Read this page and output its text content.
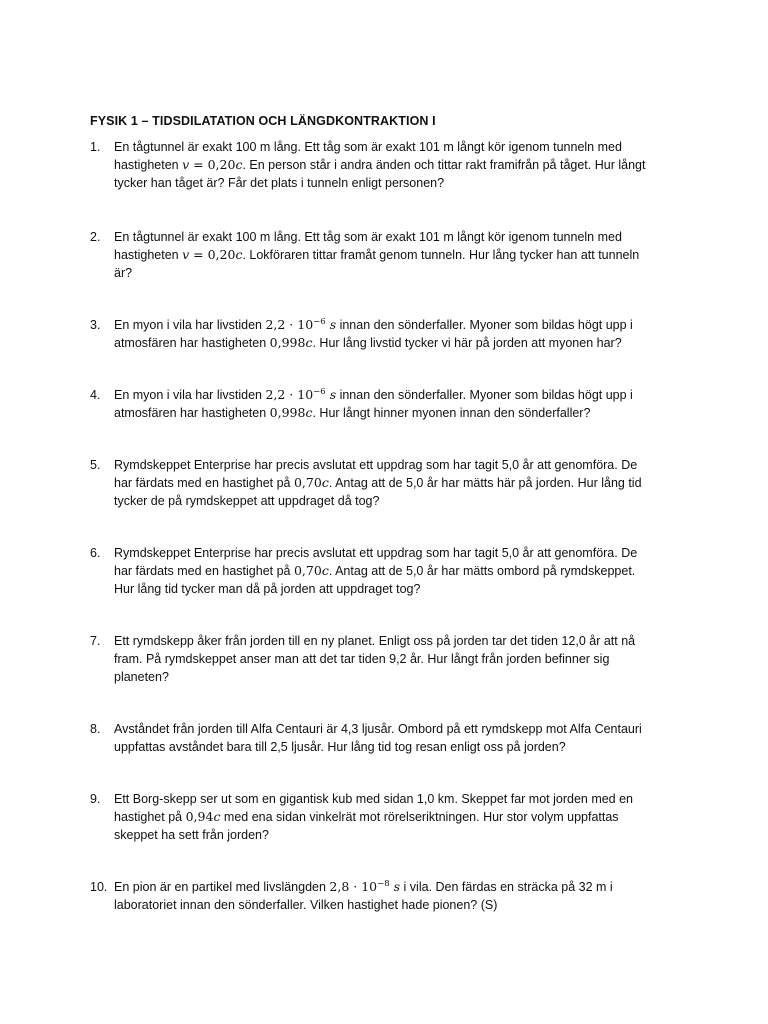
FYSIK 1 – TIDSDILATATION OCH LÄNGDKONTRAKTION I
1.	En tågtunnel är exakt 100 m lång. Ett tåg som är exakt 101 m långt kör igenom tunneln med
hastigheten v = 0,20c. En person står i andra änden och tittar rakt framifrån på tåget. Hur långt
tycker han tåget är? Får det plats i tunneln enligt personen?
2.	En tågtunnel är exakt 100 m lång. Ett tåg som är exakt 101 m långt kör igenom tunneln med
hastigheten v = 0,20c. Lokföraren tittar framåt genom tunneln. Hur lång tycker han att tunneln
är?
3.	En myon i vila har livstiden $2,2 \cdot 10^{-6}$ s innan den sönderfaller. Myoner som bildas högt upp i
atmosfären har hastigheten 0,998c. Hur lång livstid tycker vi här på jorden att myonen har?
4.	En myon i vila har livstiden $2,2 \cdot 10^{-6}$ s innan den sönderfaller. Myoner som bildas högt upp i
atmosfären har hastigheten 0,998c. Hur långt hinner myonen innan den sönderfaller?
5.	Rymdskeppet Enterprise har precis avslutat ett uppdrag som har tagit 5,0 år att genomföra. De
har färdats med en hastighet på 0,70c. Antag att de 5,0 år har mätts här på jorden. Hur lång tid
tycker de på rymdskeppet att uppdraget då tog?
6.	Rymdskeppet Enterprise har precis avslutat ett uppdrag som har tagit 5,0 år att genomföra. De
har färdats med en hastighet på 0,70c. Antag att de 5,0 år har mätts ombord på rymdskeppet.
Hur lång tid tycker man då på jorden att uppdraget tog?
7.	Ett rymdskepp åker från jorden till en ny planet. Enligt oss på jorden tar det tiden 12,0 år att nå
fram. På rymdskeppet anser man att det tar tiden 9,2 år. Hur långt från jorden befinner sig
planeten?
8.	Avståndet från jorden till Alfa Centauri är 4,3 ljusår. Ombord på ett rymdskepp mot Alfa Centauri
uppfattas avståndet bara till 2,5 ljusår. Hur lång tid tog resan enligt oss på jorden?
9.	Ett Borg-skepp ser ut som en gigantisk kub med sidan 1,0 km. Skeppet far mot jorden med en
hastighet på 0,94c med ena sidan vinkelrät mot rörelseriktningen. Hur stor volym uppfattas
skeppet ha sett från jorden?
10. En pion är en partikel med livslängden $2,8 \cdot 10^{-8}$ s i vila. Den färdas en sträcka på 32 m i
laboratoriet innan den sönderfaller. Vilken hastighet hade pionen? (S)
